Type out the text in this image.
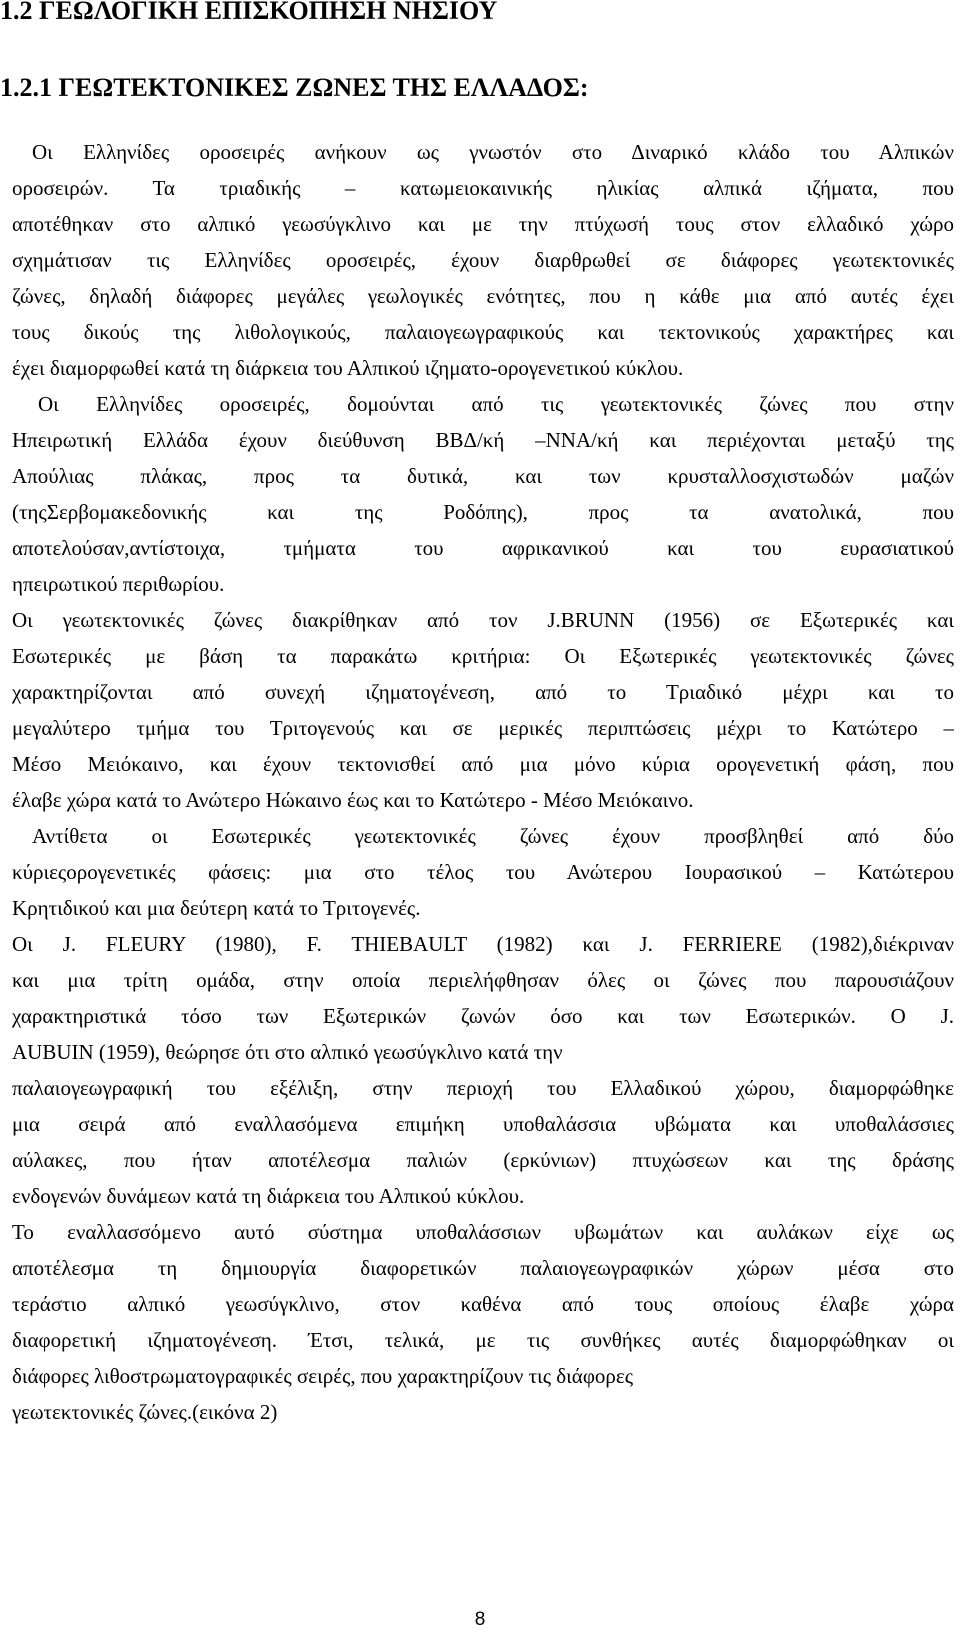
1.2 ΓΕΩΛΟΓΙΚΗ ΕΠΙΣΚΟΠΗΣΗ ΝΗΣΙΟΥ
1.2.1 ΓΕΩΤΕΚΤΟΝΙΚΕΣ ΖΩΝΕΣ ΤΗΣ ΕΛΛΑΔΟΣ:
Οι Ελληνίδες οροσειρές ανήκουν ως γνωστόν στο Διναρικό κλάδο του Αλπικών
οροσειρών. Τα τριαδικής – κατωμειοκαινικής ηλικίας αλπικά ιζήματα, που
αποτέθηκαν στο αλπικό γεωσύγκλινο και με την πτύχωσή τους στον ελλαδικό χώρο
σχημάτισαν τις Ελληνίδες οροσειρές, έχουν διαρθρωθεί σε διάφορες γεωτεκτονικές
ζώνες, δηλαδή διάφορες μεγάλες γεωλογικές ενότητες, που η κάθε μια από αυτές έχει
τους δικούς της λιθολογικούς, παλαιογεωγραφικούς και τεκτονικούς χαρακτήρες και
έχει διαμορφωθεί κατά τη διάρκεια του Αλπικού ιζηματο-ορογενετικού κύκλου.
Οι Ελληνίδες οροσειρές, δομούνται από τις γεωτεκτονικές ζώνες που στην
Ηπειρωτική Ελλάδα έχουν διεύθυνση ΒΒΔ/κή –ΝΝΑ/κή και περιέχονται μεταξύ της
Απούλιας πλάκας, προς τα δυτικά, και των κρυσταλλοσχιστωδών μαζών
(τηςΣερβομακεδονικής και της Ροδόπης), προς τα ανατολικά, που
αποτελούσαν,αντίστοιχα, τμήματα του αφρικανικού και του ευρασιατικού
ηπειρωτικού περιθωρίου.
Οι γεωτεκτονικές ζώνες διακρίθηκαν από τον J.BRUNN (1956) σε Εξωτερικές και
Εσωτερικές με βάση τα παρακάτω κριτήρια: Οι Εξωτερικές γεωτεκτονικές ζώνες
χαρακτηρίζονται από συνεχή ιζηματογένεση, από το Τριαδικό μέχρι και το
μεγαλύτερο τμήμα του Τριτογενούς και σε μερικές περιπτώσεις μέχρι το Κατώτερο –
Μέσο Μειόκαινο, και έχουν τεκτονισθεί από μια μόνο κύρια ορογενετική φάση, που
έλαβε χώρα κατά το Ανώτερο Ηώκαινο έως και το Κατώτερο - Μέσο Μειόκαινο.
Αντίθετα οι Εσωτερικές γεωτεκτονικές ζώνες έχουν προσβληθεί από δύο
κύριεςορογενετικές φάσεις: μια στο τέλος του Ανώτερου Ιουρασικού – Κατώτερου
Κρητιδικού και μια δεύτερη κατά το Τριτογενές.
Οι J. FLEURY (1980), F. THIEBAULT (1982) και J. FERRIERE (1982),διέκριναν
και μια τρίτη ομάδα, στην οποία περιελήφθησαν όλες οι ζώνες που παρουσιάζουν
χαρακτηριστικά τόσο των Εξωτερικών ζωνών όσο και των Εσωτερικών. Ο J.
AUBUIN (1959), θεώρησε ότι στο αλπικό γεωσύγκλινο κατά την
παλαιογεωγραφική του εξέλιξη, στην περιοχή του Ελλαδικού χώρου, διαμορφώθηκε
μια σειρά από εναλλασόμενα επιμήκη υποθαλάσσια υβώματα και υποθαλάσσιες
αύλακες, που ήταν αποτέλεσμα παλιών (ερκύνιων) πτυχώσεων και της δράσης
ενδογενών δυνάμεων κατά τη διάρκεια του Αλπικού κύκλου.
Το εναλλασσόμενο αυτό σύστημα υποθαλάσσιων υβωμάτων και αυλάκων είχε ως
αποτέλεσμα τη δημιουργία διαφορετικών παλαιογεωγραφικών χώρων μέσα στο
τεράστιο αλπικό γεωσύγκλινο, στον καθένα από τους οποίους έλαβε χώρα
διαφορετική ιζηματογένεση. Έτσι, τελικά, με τις συνθήκες αυτές διαμορφώθηκαν οι
διάφορες λιθοστρωματογραφικές σειρές, που χαρακτηρίζουν τις διάφορες
γεωτεκτονικές ζώνες.(εικόνα 2)
8
